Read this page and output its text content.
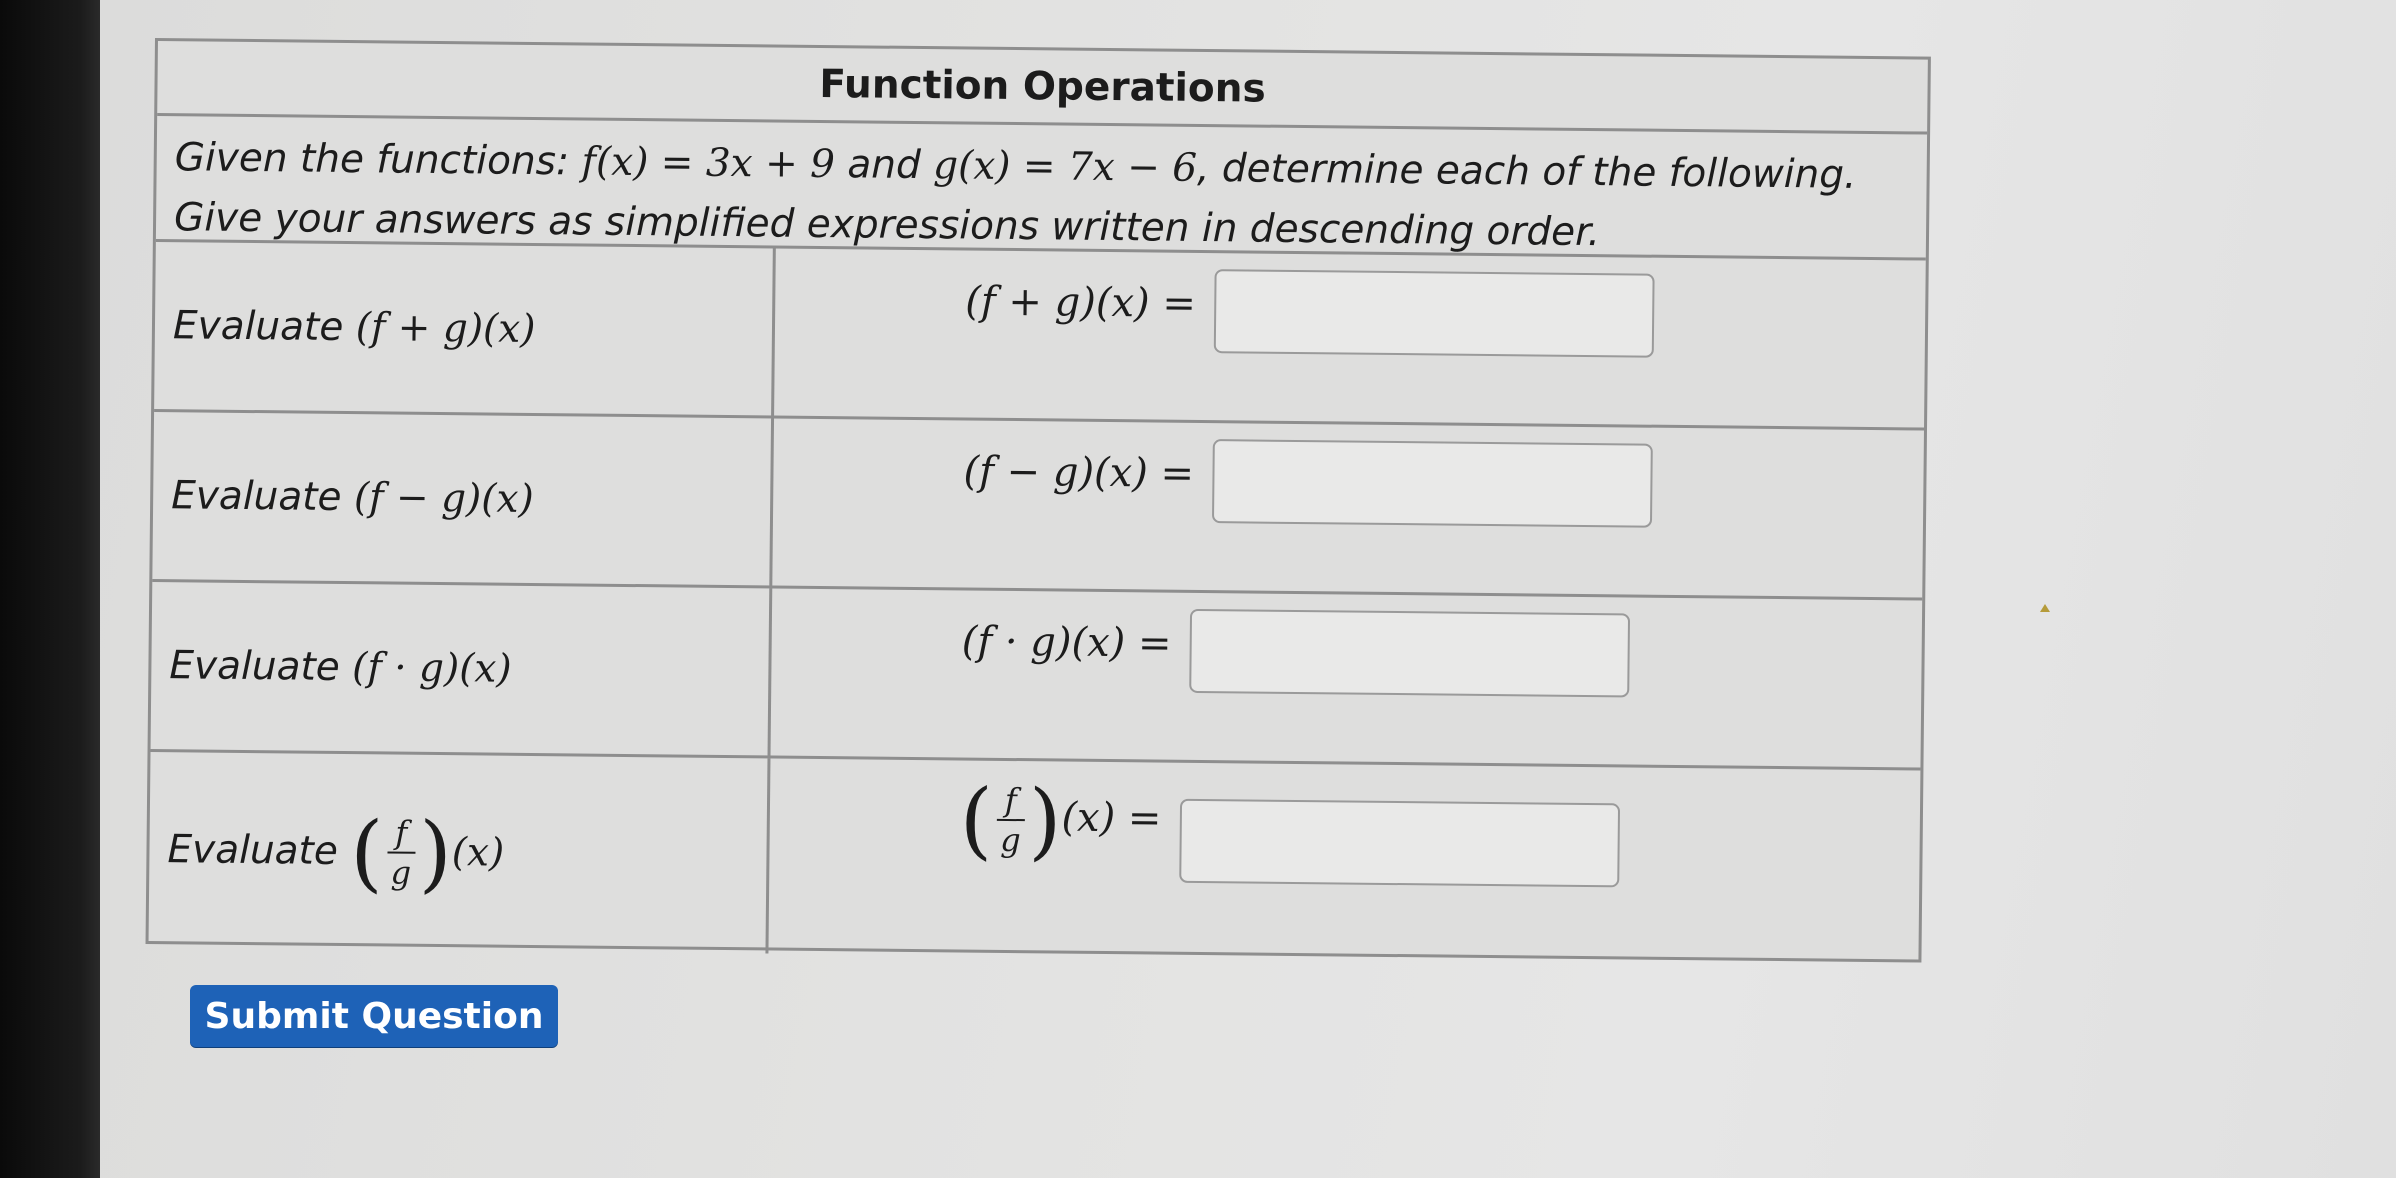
Function Operations
Given the functions: f(x) = 3x + 9 and g(x) = 7x − 6, determine each of the following. Give your answers as simplified expressions written in descending order.
Evaluate
(f + g)(x)
(f + g)(x) =
Evaluate
(f − g)(x)
(f − g)(x) =
Evaluate
(f · g)(x)
(f · g)(x) =
Evaluate
( $\frac{f}{g}$ ) (x)	( $\frac{f}{g} )(x)$ =
Submit Question
